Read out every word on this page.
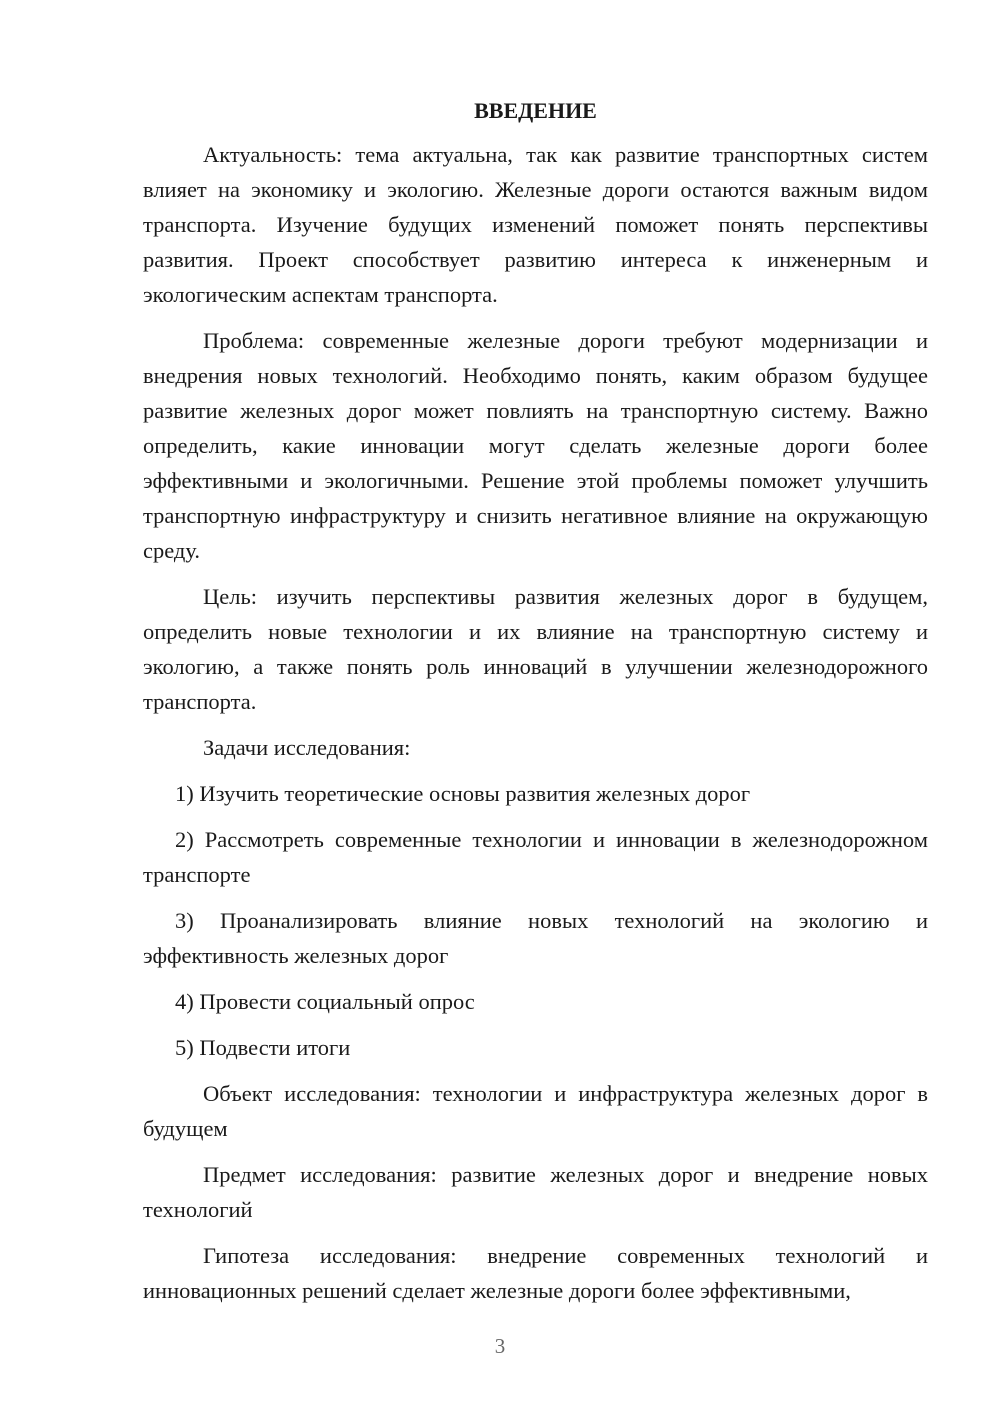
ВВЕДЕНИЕ

Актуальность: тема актуальна, так как развитие транспортных систем влияет на экономику и экологию. Железные дороги остаются важным видом транспорта. Изучение будущих изменений поможет понять перспективы развития. Проект способствует развитию интереса к инженерным и экологическим аспектам транспорта.

Проблема: современные железные дороги требуют модернизации и внедрения новых технологий. Необходимо понять, каким образом будущее развитие железных дорог может повлиять на транспортную систему. Важно определить, какие инновации могут сделать железные дороги более эффективными и экологичными. Решение этой проблемы поможет улучшить транспортную инфраструктуру и снизить негативное влияние на окружающую среду.

Цель: изучить перспективы развития железных дорог в будущем, определить новые технологии и их влияние на транспортную систему и экологию, а также понять роль инноваций в улучшении железнодорожного транспорта.

Задачи исследования:

1) Изучить теоретические основы развития железных дорог

2) Рассмотреть современные технологии и инновации в железнодорожном транспорте

3) Проанализировать влияние новых технологий на экологию и эффективность железных дорог

4) Провести социальный опрос

5) Подвести итоги

Объект исследования: технологии и инфраструктура железных дорог в будущем

Предмет исследования: развитие железных дорог и внедрение новых технологий

Гипотеза исследования: внедрение современных технологий и инновационных решений сделает железные дороги более эффективными,

3
